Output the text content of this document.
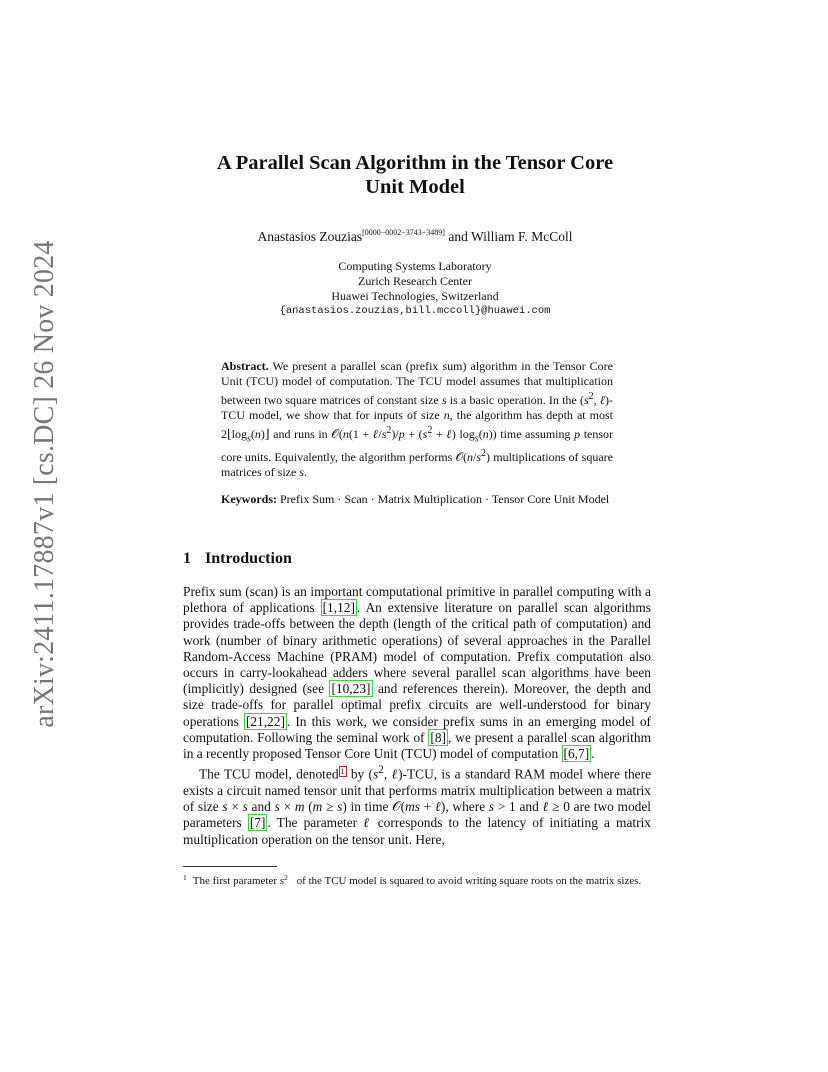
arXiv:2411.17887v1 [cs.DC] 26 Nov 2024
A Parallel Scan Algorithm in the Tensor Core
Unit Model
Anastasios Zouzias[0000−0002−3743−3489] and William F. McColl
Computing Systems Laboratory
Zurich Research Center
Huawei Technologies, Switzerland
{anastasios.zouzias,bill.mccoll}@huawei.com
Abstract. We present a parallel scan (prefix sum) algorithm in the Tensor Core Unit (TCU) model of computation. The TCU model assumes that multiplication between two square matrices of constant size s is a basic operation. In the ($s^2$, ℓ)-TCU model, we show that for inputs of size n, the algorithm has depth at most $2⌊\log_s(n)⌋$ and runs in 𝒪(n(1 + $\ell/s^2)/p + (s^2$ + ℓ) $\log_s(n)$) time assuming p tensor core units. Equivalently, the algorithm performs $𝒪(n/s^2)$ multiplications of square matrices of size s.
Keywords: Prefix Sum · Scan · Matrix Multiplication · Tensor Core Unit Model
1 Introduction

Prefix sum (scan) is an important computational primitive in parallel computing with a plethora of applications [1,12] . An extensive literature on parallel scan algorithms provides trade-offs between the depth (length of the critical path of computation) and work (number of binary arithmetic operations) of several approaches in the Parallel Random-Access Machine (PRAM) model of computation. Prefix computation also occurs in carry-lookahead adders where several parallel scan algorithms have been (implicitly) designed (see [10,23] and references therein). Moreover, the depth and size trade-offs for parallel optimal prefix circuits are well-understood for binary operations [21,22] . In this work, we consider prefix sums in an emerging model of computation. Following the seminal work of [8] , we present a parallel scan algorithm in a recently proposed Tensor Core Unit (TCU) model of computation [6,7] .

The TCU model, denoted $^1$ by ($s^2$, ℓ)-TCU, is a standard RAM model where there exists a circuit named tensor unit that performs matrix multiplication between a matrix of size s × s and s × m (m ≥ s) in time 𝒪(ms + ℓ), where s > 1 and ℓ ≥ 0 are two model parameters [7] . The parameter ℓ corresponds to the latency of initiating a matrix multiplication operation on the tensor unit. Here,

$^1$ The first parameter $s^2$ of the TCU model is squared to avoid writing square roots on the matrix sizes.
